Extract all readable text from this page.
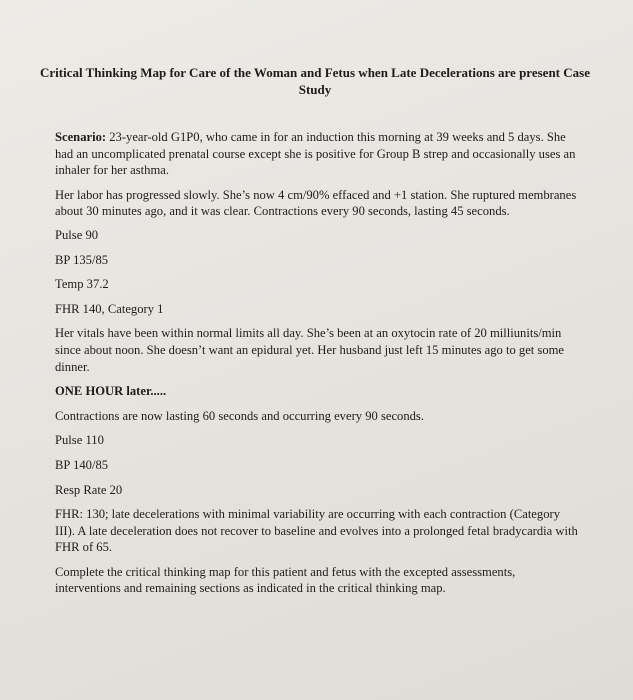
Critical Thinking Map for Care of the Woman and Fetus when Late Decelerations are present Case Study

Scenario: 23-year-old G1P0, who came in for an induction this morning at 39 weeks and 5 days. She had an uncomplicated prenatal course except she is positive for Group B strep and occasionally uses an inhaler for her asthma.

Her labor has progressed slowly. She’s now 4 cm/90% effaced and +1 station. She ruptured membranes about 30 minutes ago, and it was clear. Contractions every 90 seconds, lasting 45 seconds.

Pulse 90

BP 135/85

Temp 37.2

FHR 140, Category 1

Her vitals have been within normal limits all day. She’s been at an oxytocin rate of 20 milliunits/min since about noon. She doesn’t want an epidural yet. Her husband just left 15 minutes ago to get some dinner.

ONE HOUR later.....

Contractions are now lasting 60 seconds and occurring every 90 seconds.

Pulse 110

BP 140/85

Resp Rate 20

FHR: 130; late decelerations with minimal variability are occurring with each contraction (Category III). A late deceleration does not recover to baseline and evolves into a prolonged fetal bradycardia with FHR of 65.

Complete the critical thinking map for this patient and fetus with the excepted assessments, interventions and remaining sections as indicated in the critical thinking map.
